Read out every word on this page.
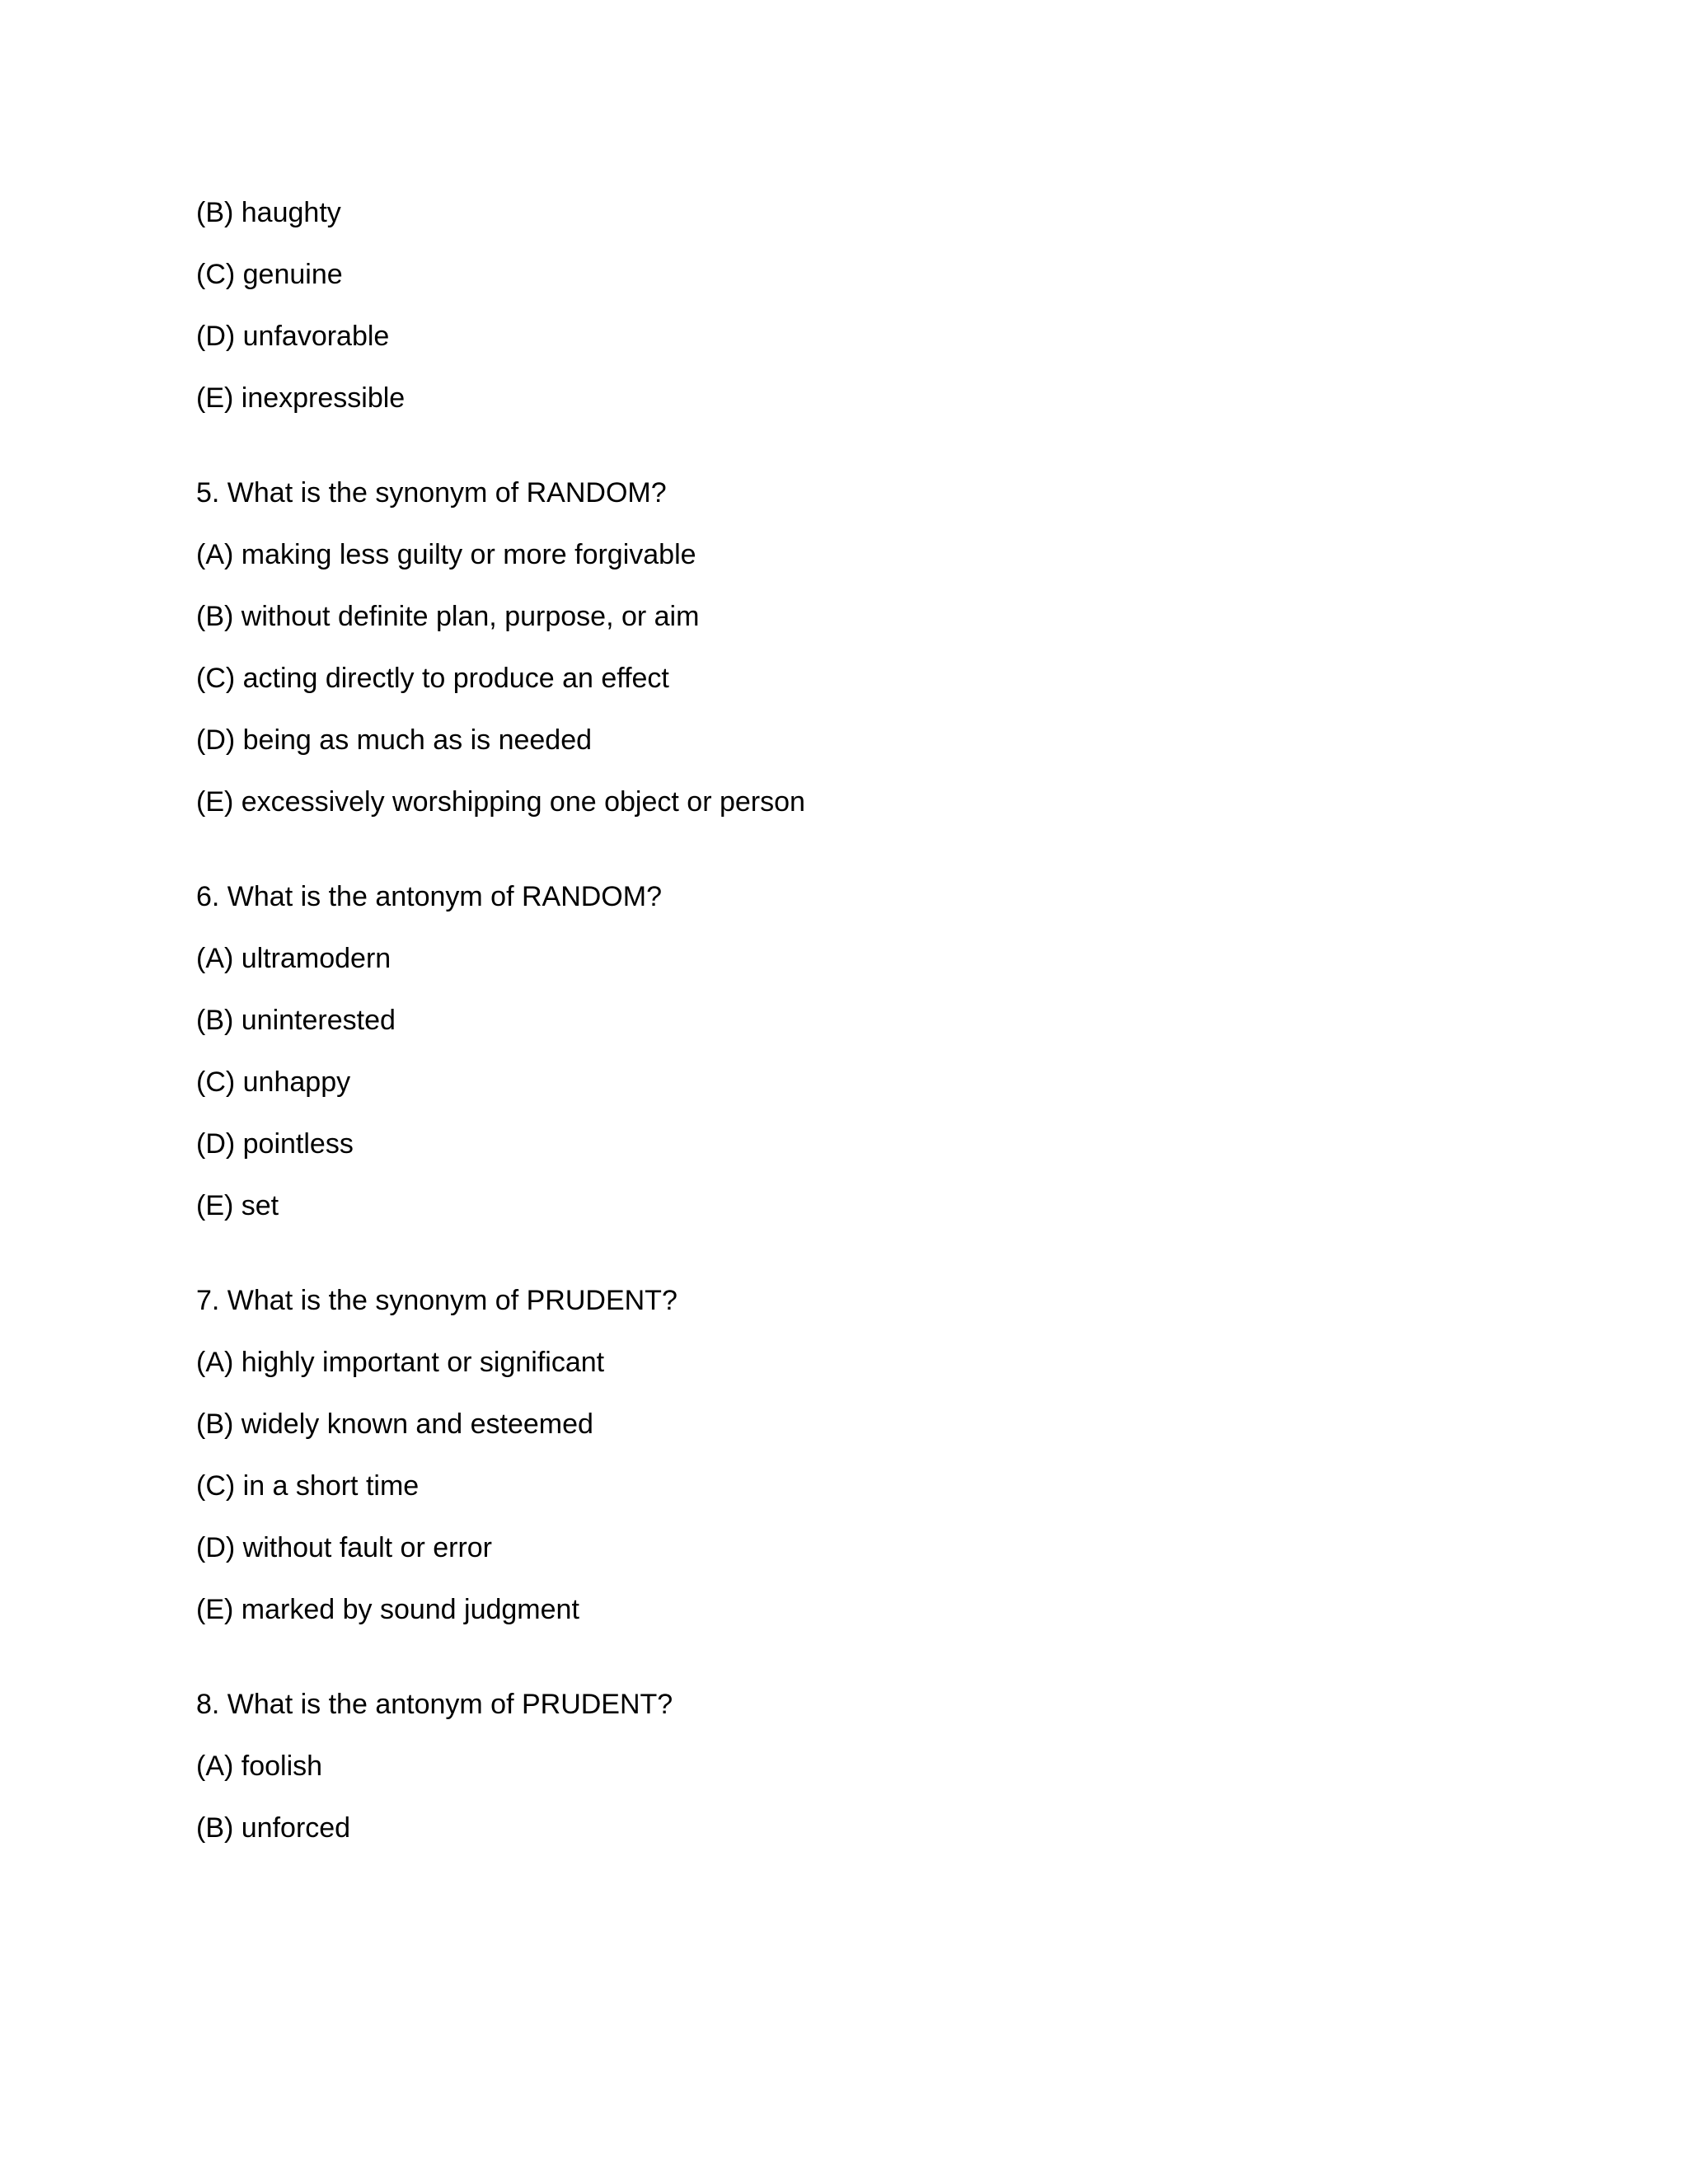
(B) haughty
(C) genuine
(D) unfavorable
(E) inexpressible
5. What is the synonym of RANDOM?
(A) making less guilty or more forgivable
(B) without definite plan, purpose, or aim
(C) acting directly to produce an effect
(D) being as much as is needed
(E) excessively worshipping one object or person
6. What is the antonym of RANDOM?
(A) ultramodern
(B) uninterested
(C) unhappy
(D) pointless
(E) set
7. What is the synonym of PRUDENT?
(A) highly important or significant
(B) widely known and esteemed
(C) in a short time
(D) without fault or error
(E) marked by sound judgment
8. What is the antonym of PRUDENT?
(A) foolish
(B) unforced
